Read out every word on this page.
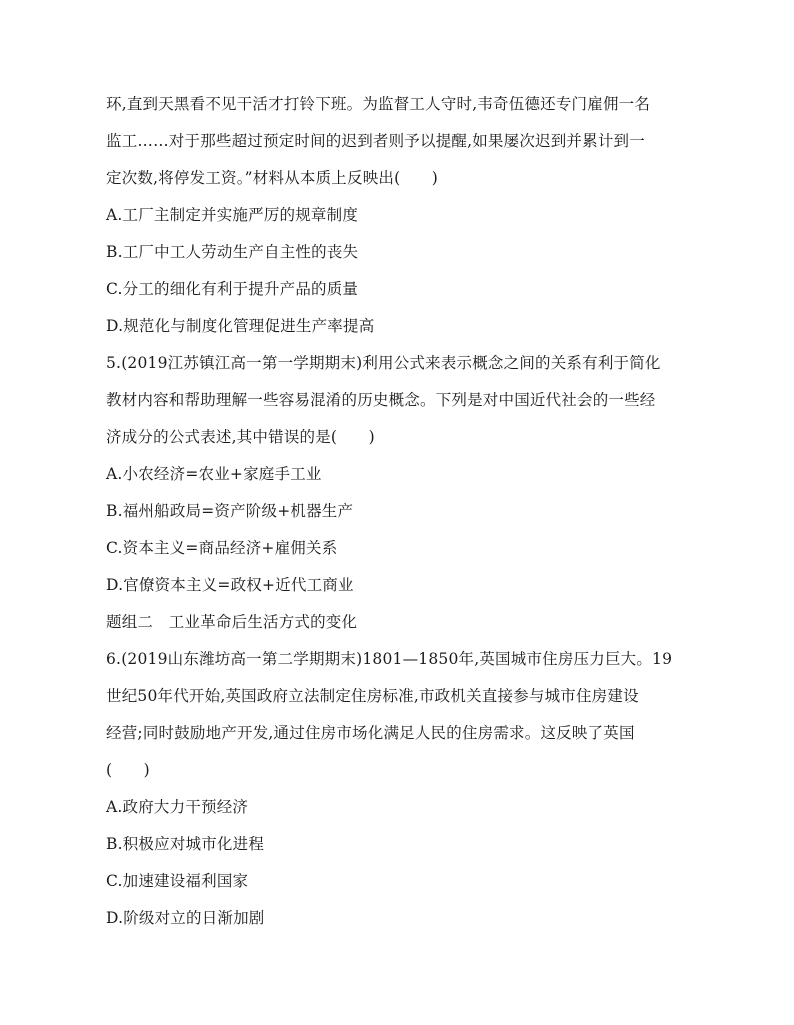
环,直到天黑看不见干活才打铃下班。为监督工人守时,韦奇伍德还专门雇佣一名
监工……对于那些超过预定时间的迟到者则予以提醒,如果屡次迟到并累计到一
定次数,将停发工资。”材料从本质上反映出(　　)
A.工厂主制定并实施严厉的规章制度
B.工厂中工人劳动生产自主性的丧失
C.分工的细化有利于提升产品的质量
D.规范化与制度化管理促进生产率提高
5.(2019江苏镇江高一第一学期期末)利用公式来表示概念之间的关系有利于简化
教材内容和帮助理解一些容易混淆的历史概念。下列是对中国近代社会的一些经
济成分的公式表述,其中错误的是(　　)
A.小农经济=农业+家庭手工业
B.福州船政局=资产阶级+机器生产
C.资本主义=商品经济+雇佣关系
D.官僚资本主义=政权+近代工商业
题组二　工业革命后生活方式的变化
6.(2019山东潍坊高一第二学期期末)1801—1850年,英国城市住房压力巨大。19
世纪50年代开始,英国政府立法制定住房标准,市政机关直接参与城市住房建设
经营;同时鼓励地产开发,通过住房市场化满足人民的住房需求。这反映了英国
(　　)
A.政府大力干预经济
B.积极应对城市化进程
C.加速建设福利国家
D.阶级对立的日渐加剧
